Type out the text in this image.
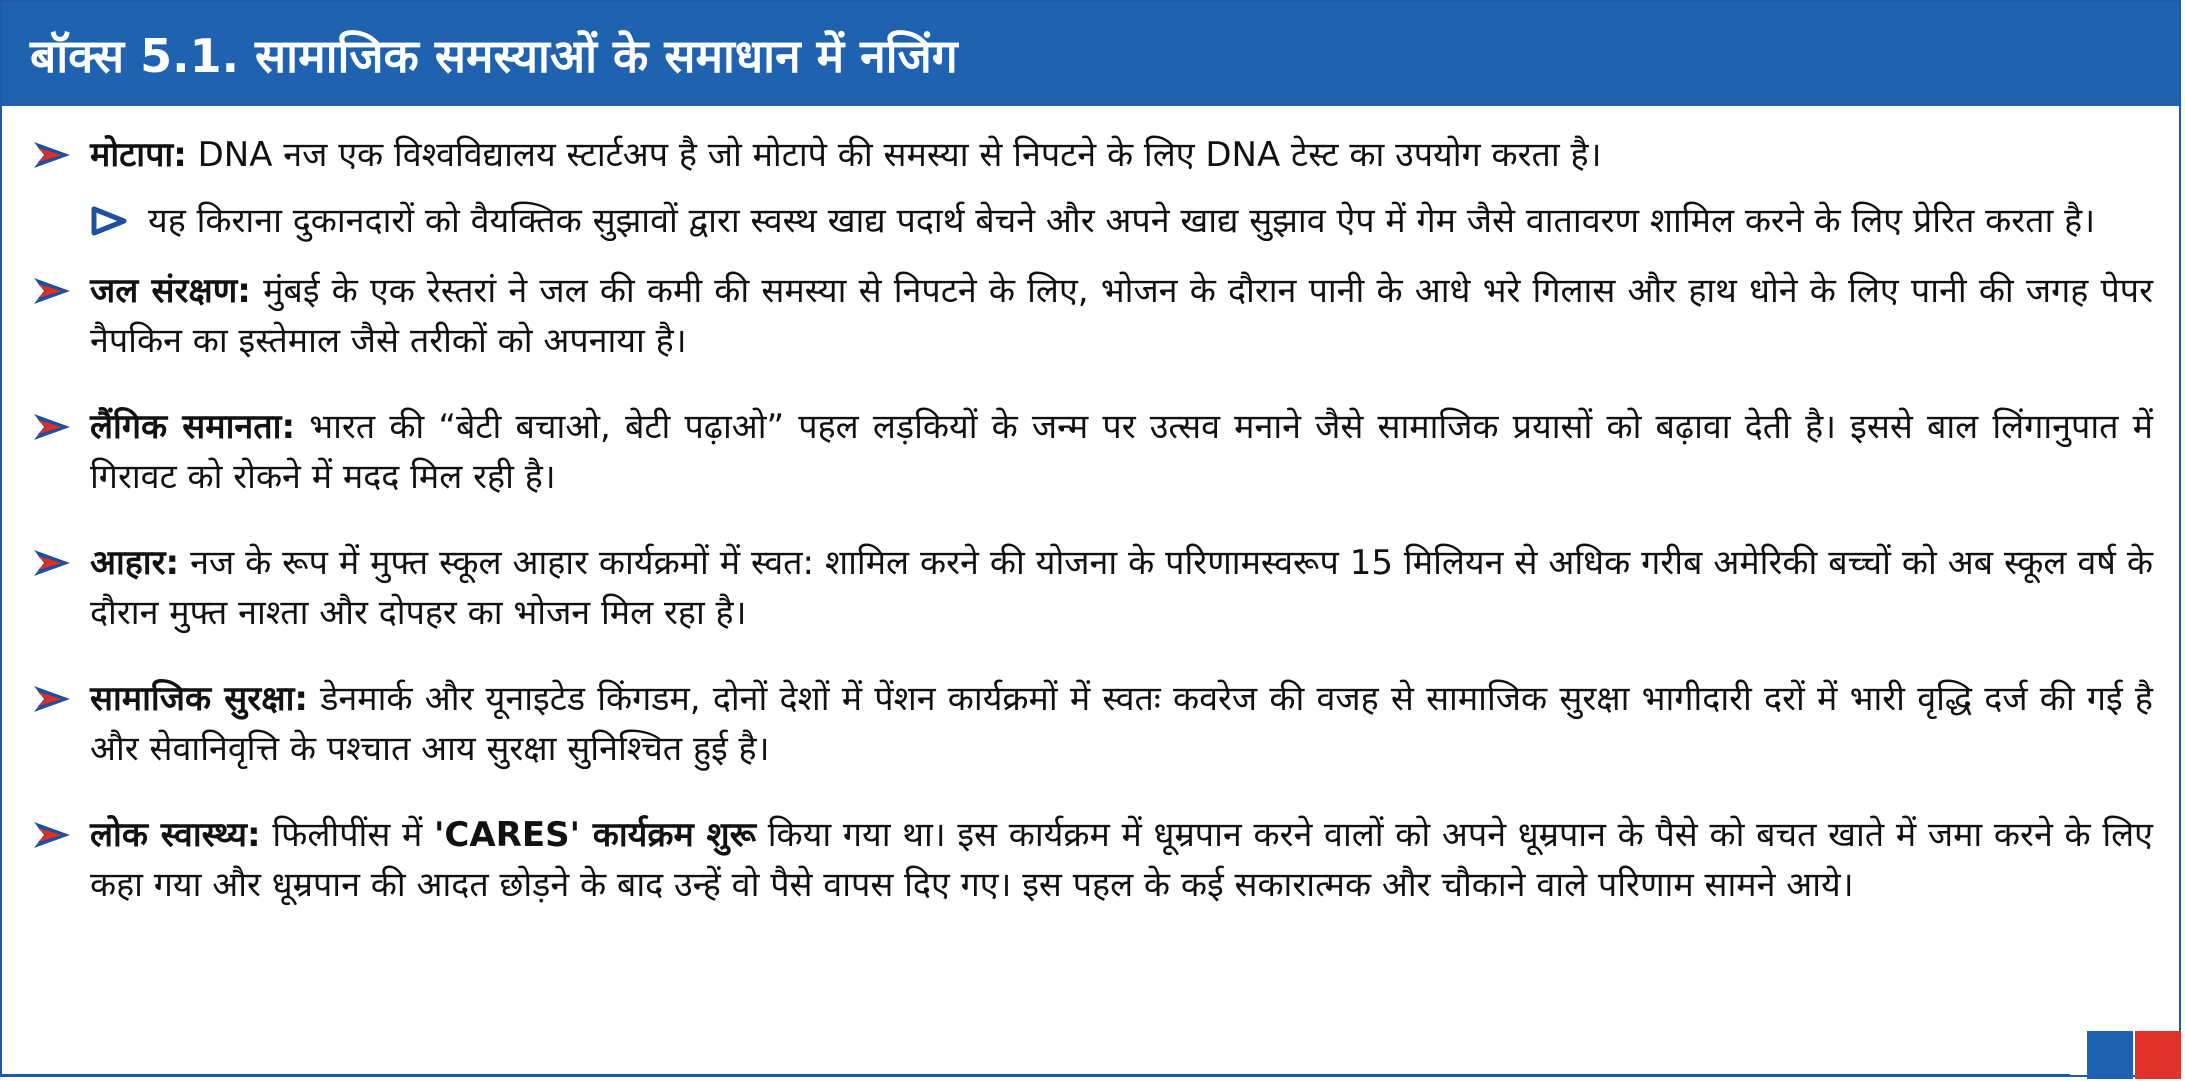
बॉक्स 5.1. सामाजिक समस्याओं के समाधान में नजिंग
मोटापा: DNA नज एक विश्वविद्यालय स्टार्टअप है जो मोटापे की समस्या से निपटने के लिए DNA टेस्ट का उपयोग करता है।
यह किराना दुकानदारों को वैयक्तिक सुझावों द्वारा स्वस्थ खाद्य पदार्थ बेचने और अपने खाद्य सुझाव ऐप में गेम जैसे वातावरण शामिल करने के लिए प्रेरित करता है।
जल संरक्षण: मुंबई के एक रेस्तरां ने जल की कमी की समस्या से निपटने के लिए, भोजन के दौरान पानी के आधे भरे गिलास और हाथ धोने के लिए पानी की जगह पेपर नैपकिन का इस्तेमाल जैसे तरीकों को अपनाया है।
लैंगिक समानता: भारत की “बेटी बचाओ, बेटी पढ़ाओ” पहल लड़कियों के जन्म पर उत्सव मनाने जैसे सामाजिक प्रयासों को बढ़ावा देती है। इससे बाल लिंगानुपात में गिरावट को रोकने में मदद मिल रही है।
आहार: नज के रूप में मुफ्त स्कूल आहार कार्यक्रमों में स्वत: शामिल करने की योजना के परिणामस्वरूप 15 मिलियन से अधिक गरीब अमेरिकी बच्चों को अब स्कूल वर्ष के दौरान मुफ्त नाश्ता और दोपहर का भोजन मिल रहा है।
सामाजिक सुरक्षा: डेनमार्क और यूनाइटेड किंगडम, दोनों देशों में पेंशन कार्यक्रमों में स्वतः कवरेज की वजह से सामाजिक सुरक्षा भागीदारी दरों में भारी वृद्धि दर्ज की गई है और सेवानिवृत्ति के पश्चात आय सुरक्षा सुनिश्चित हुई है।
लोक स्वास्थ्य: फिलीपींस में 'CARES' कार्यक्रम शुरू किया गया था। इस कार्यक्रम में धूम्रपान करने वालों को अपने धूम्रपान के पैसे को बचत खाते में जमा करने के लिए कहा गया और धूम्रपान की आदत छोड़ने के बाद उन्हें वो पैसे वापस दिए गए। इस पहल के कई सकारात्मक और चौकाने वाले परिणाम सामने आये।
